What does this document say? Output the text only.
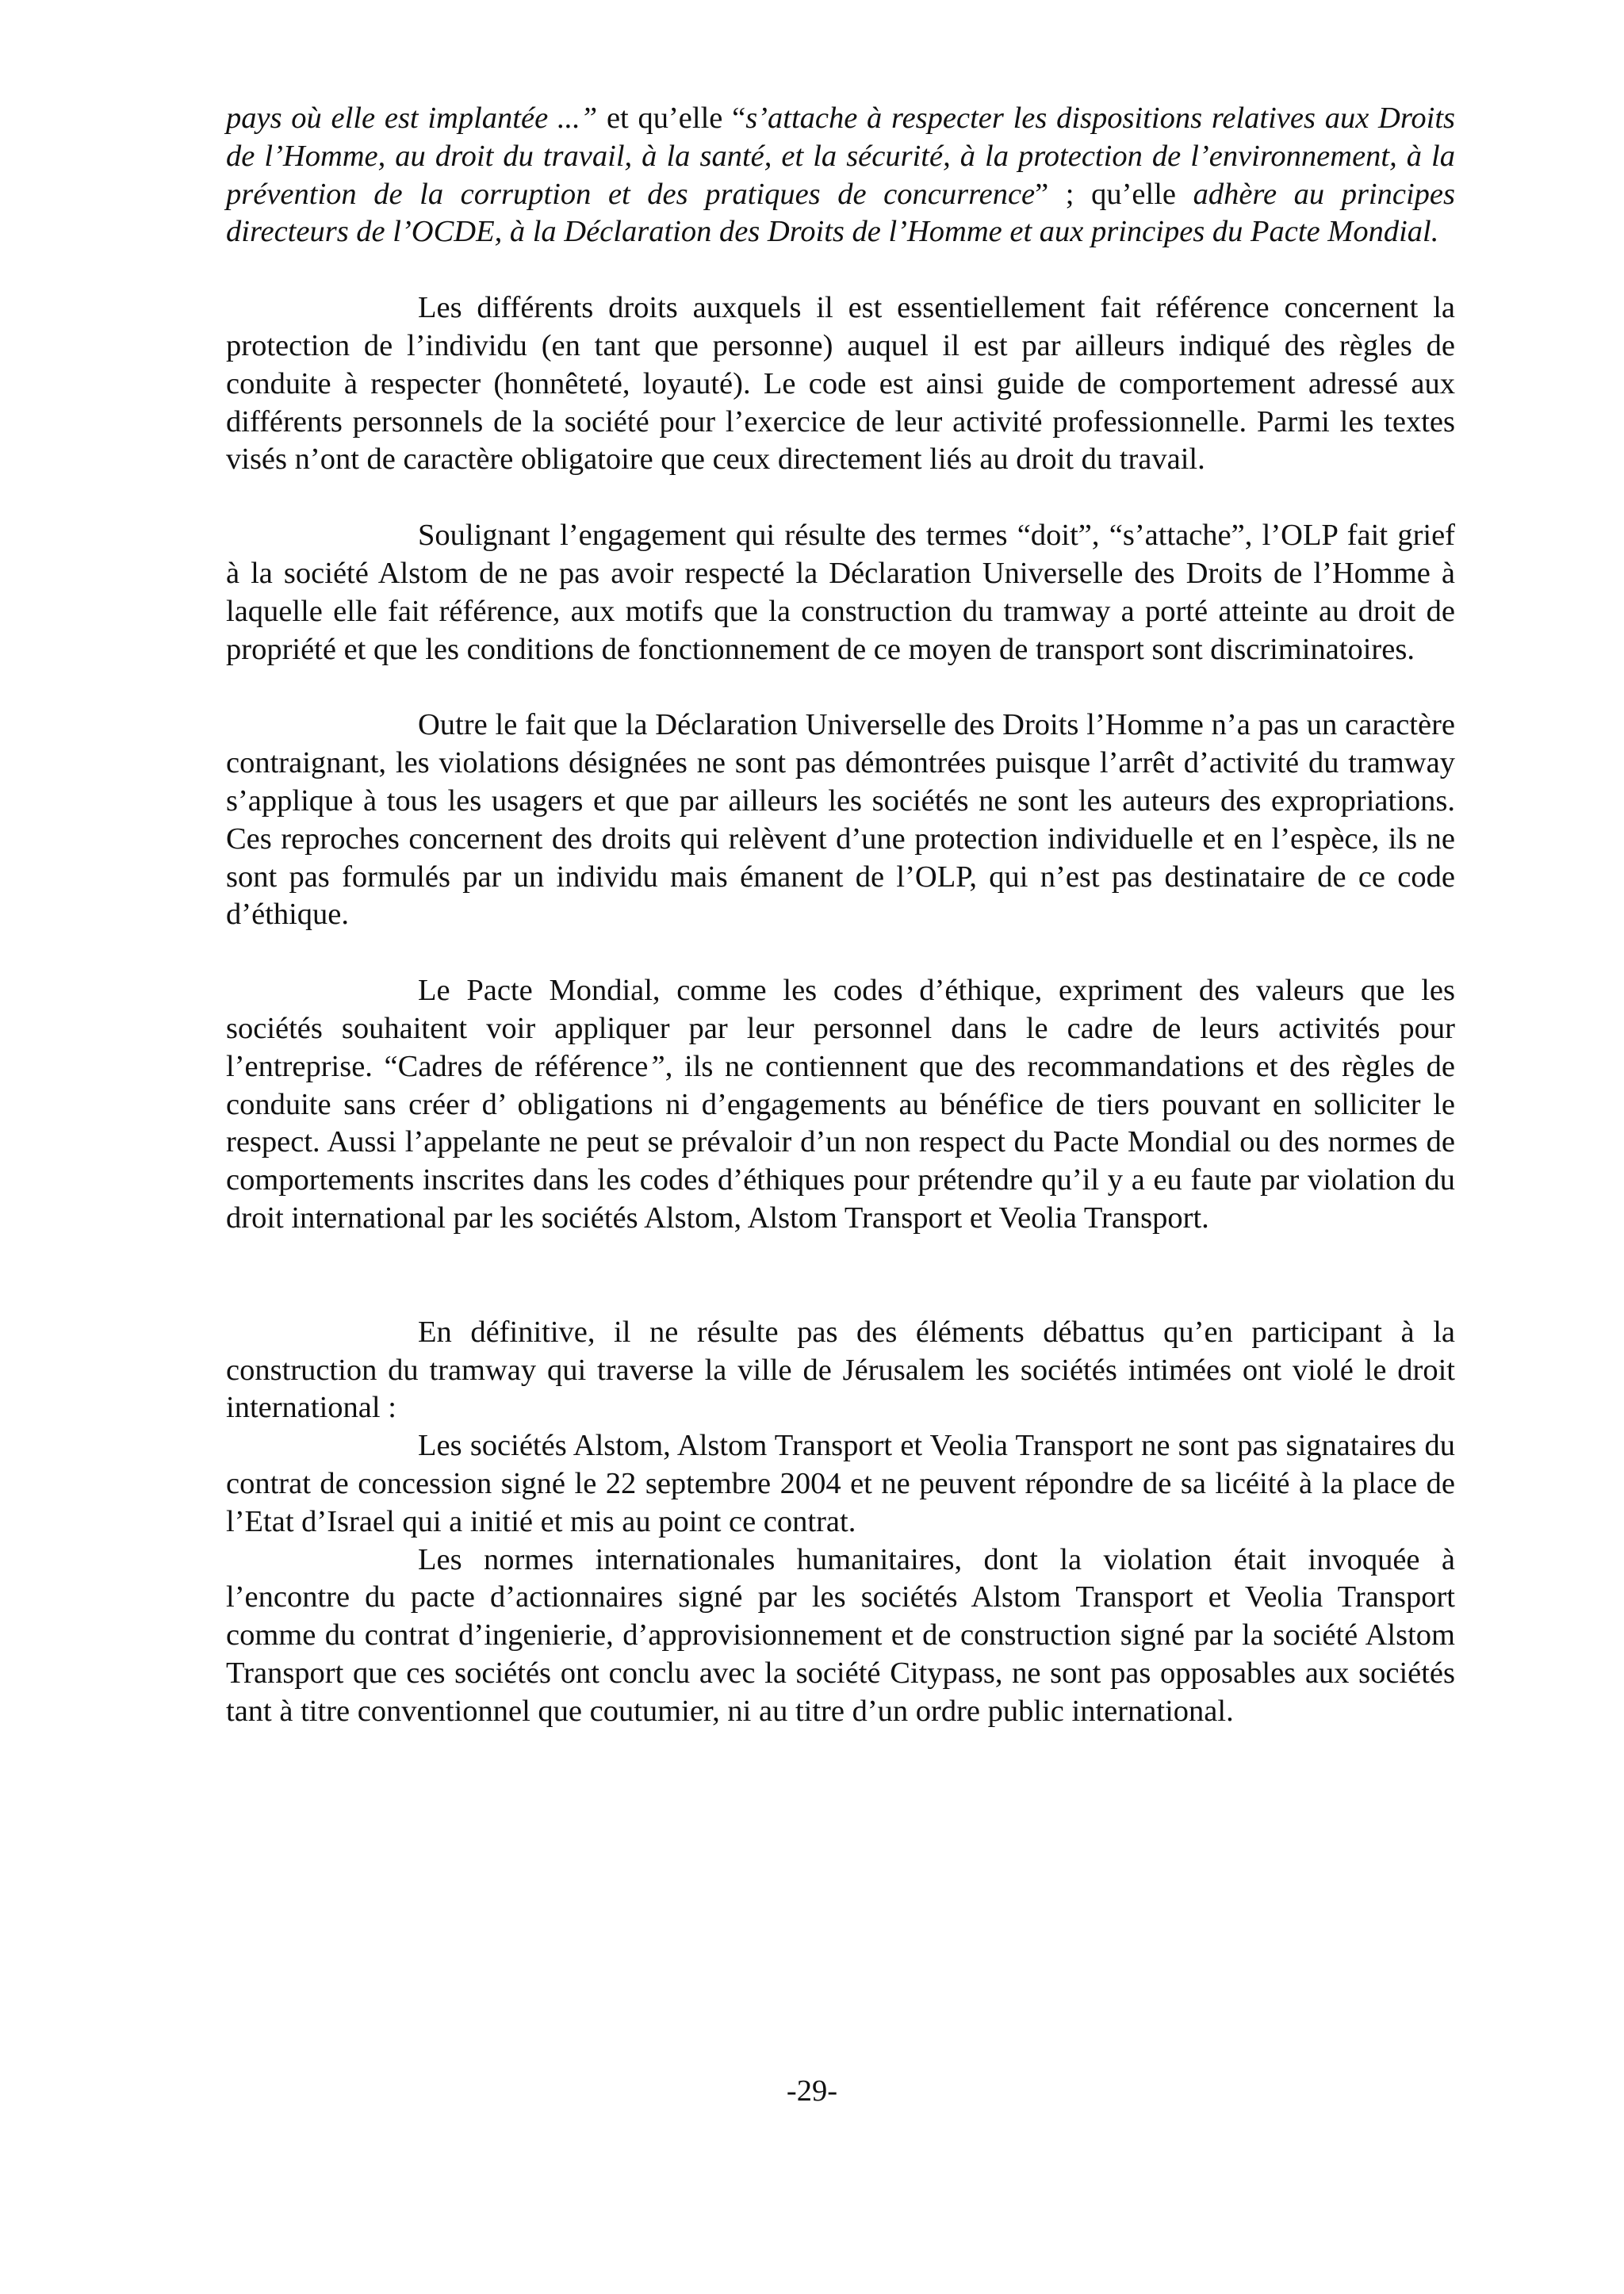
pays où elle est implantée ...” et qu’elle “s’attache à respecter les dispositions relatives aux Droits de l’Homme, au droit du travail, à la santé, et la sécurité, à la protection de l’environnement, à la prévention de la corruption et des pratiques de concurrence” ; qu’elle adhère au principes directeurs de l’OCDE, à la Déclaration des Droits de l’Homme et aux principes du Pacte Mondial.

Les différents droits auxquels il est essentiellement fait référence concernent la protection de l’individu (en tant que personne) auquel il est par ailleurs indiqué des règles de conduite à respecter (honnêteté, loyauté). Le code est ainsi guide de comportement adressé aux différents personnels de la société pour l’exercice de leur activité professionnelle. Parmi les textes visés n’ont de caractère obligatoire que ceux directement liés au droit du travail.

Soulignant l’engagement qui résulte des termes “doit”, “s’attache”, l’OLP fait grief à la société Alstom de ne pas avoir respecté la Déclaration Universelle des Droits de l’Homme à laquelle elle fait référence, aux motifs que la construction du tramway a porté atteinte au droit de propriété et que les conditions de fonctionnement de ce moyen de transport sont discriminatoires.

Outre le fait que la Déclaration Universelle des Droits l’Homme n’a pas un caractère contraignant, les violations désignées ne sont pas démontrées puisque l’arrêt d’activité du tramway s’applique à tous les usagers et que par ailleurs les sociétés ne sont les auteurs des expropriations. Ces reproches concernent des droits qui relèvent d’une protection individuelle et en l’espèce, ils ne sont pas formulés par un individu mais émanent de l’OLP, qui n’est pas destinataire de ce code d’éthique.

Le Pacte Mondial, comme les codes d’éthique, expriment des valeurs que les sociétés souhaitent voir appliquer par leur personnel dans le cadre de leurs activités pour l’entreprise. “Cadres de référence”, ils ne contiennent que des recommandations et des règles de conduite sans créer d’ obligations ni d’engagements au bénéfice de tiers pouvant en solliciter le respect. Aussi l’appelante ne peut se prévaloir d’un non respect du Pacte Mondial ou des normes de comportements inscrites dans les codes d’éthiques pour prétendre qu’il y a eu faute par violation du droit international par les sociétés Alstom, Alstom Transport et Veolia Transport.

En définitive, il ne résulte pas des éléments débattus qu’en participant à la construction du tramway qui traverse la ville de Jérusalem les sociétés intimées ont violé le droit international :

Les sociétés Alstom, Alstom Transport et Veolia Transport ne sont pas signataires du contrat de concession signé le 22 septembre 2004 et ne peuvent répondre de sa licéité à la place de l’Etat d’Israel qui a initié et mis au point ce contrat.

Les normes internationales humanitaires, dont la violation était invoquée à l’encontre du pacte d’actionnaires signé par les sociétés Alstom Transport et Veolia Transport comme du contrat d’ingenierie, d’approvisionnement et de construction signé par la société Alstom Transport que ces sociétés ont conclu avec la société Citypass, ne sont pas opposables aux sociétés tant à titre conventionnel que coutumier, ni au titre d’un ordre public international.

-29-
